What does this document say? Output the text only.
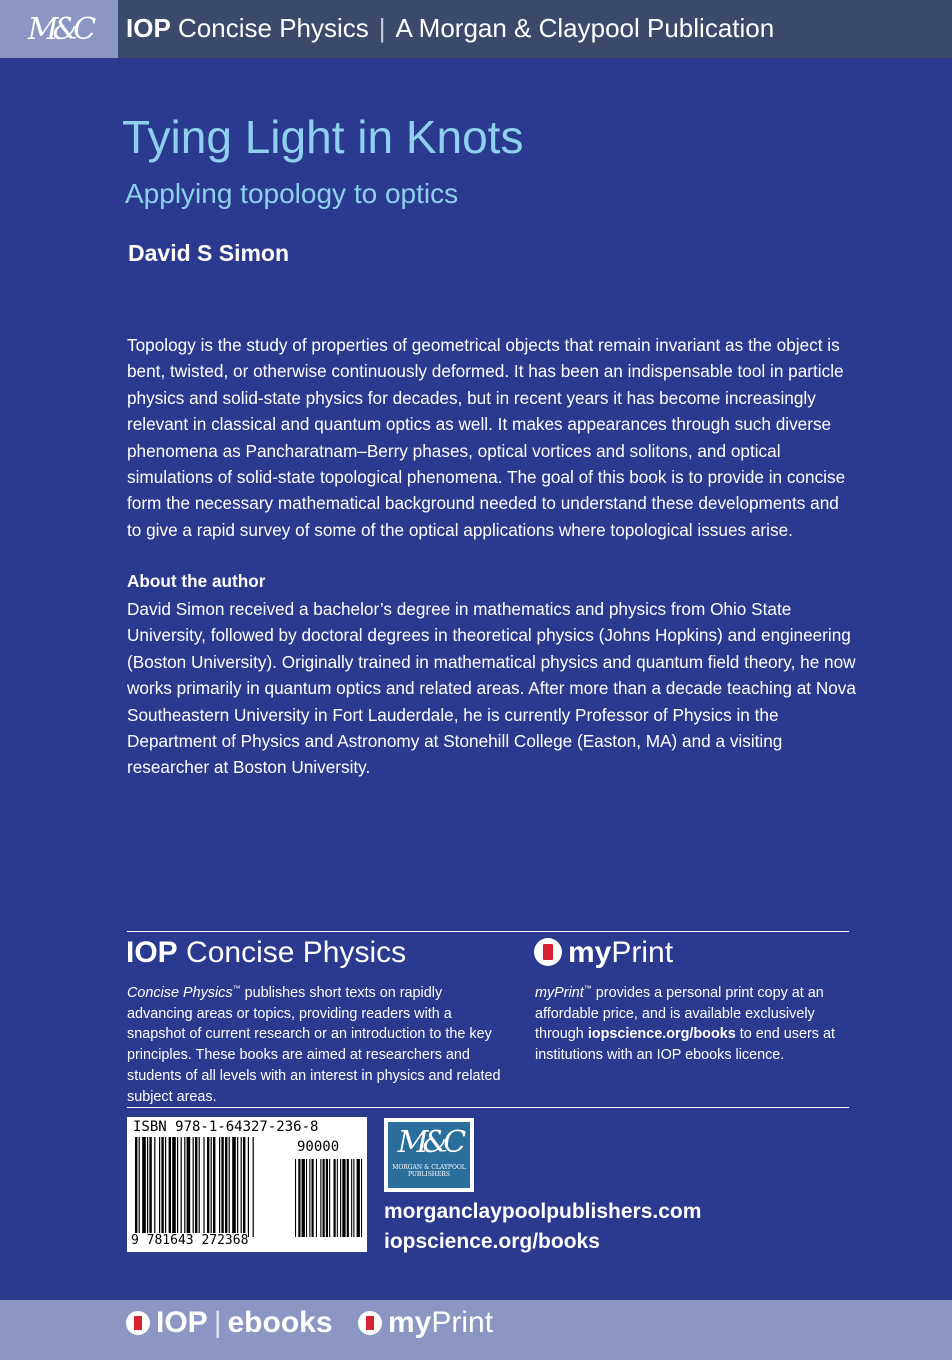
M&C IOP Concise Physics | A Morgan & Claypool Publication
Tying Light in Knots
Applying topology to optics
David S Simon

Topology is the study of properties of geometrical objects that remain invariant as the object is bent, twisted, or otherwise continuously deformed. It has been an indispensable tool in particle physics and solid-state physics for decades, but in recent years it has become increasingly relevant in classical and quantum optics as well. It makes appearances through such diverse phenomena as Pancharatnam–Berry phases, optical vortices and solitons, and optical simulations of solid-state topological phenomena. The goal of this book is to provide in concise form the necessary mathematical background needed to understand these developments and to give a rapid survey of some of the optical applications where topological issues arise.

About the author

David Simon received a bachelor’s degree in mathematics and physics from Ohio State University, followed by doctoral degrees in theoretical physics (Johns Hopkins) and engineering (Boston University). Originally trained in mathematical physics and quantum field theory, he now works primarily in quantum optics and related areas. After more than a decade teaching at Nova Southeastern University in Fort Lauderdale, he is currently Professor of Physics in the Department of Physics and Astronomy at Stonehill College (Easton, MA) and a visiting researcher at Boston University.

IOP Concise Physics

Concise Physics™ publishes short texts on rapidly advancing areas or topics, providing readers with a snapshot of current research or an introduction to the key principles. These books are aimed at researchers and students of all levels with an interest in physics and related subject areas.

myPrint

myPrint™ provides a personal print copy at an affordable price, and is available exclusively through iopscience.org/books to end users at institutions with an IOP ebooks licence.

ISBN 978-1-64327-236-8
90000
9 781643 272368
M&C
MORGAN & CLAYPOOL PUBLISHERS
morganclaypoolpublishers.com
iopscience.org/books
IOP | ebooks	myPrint
